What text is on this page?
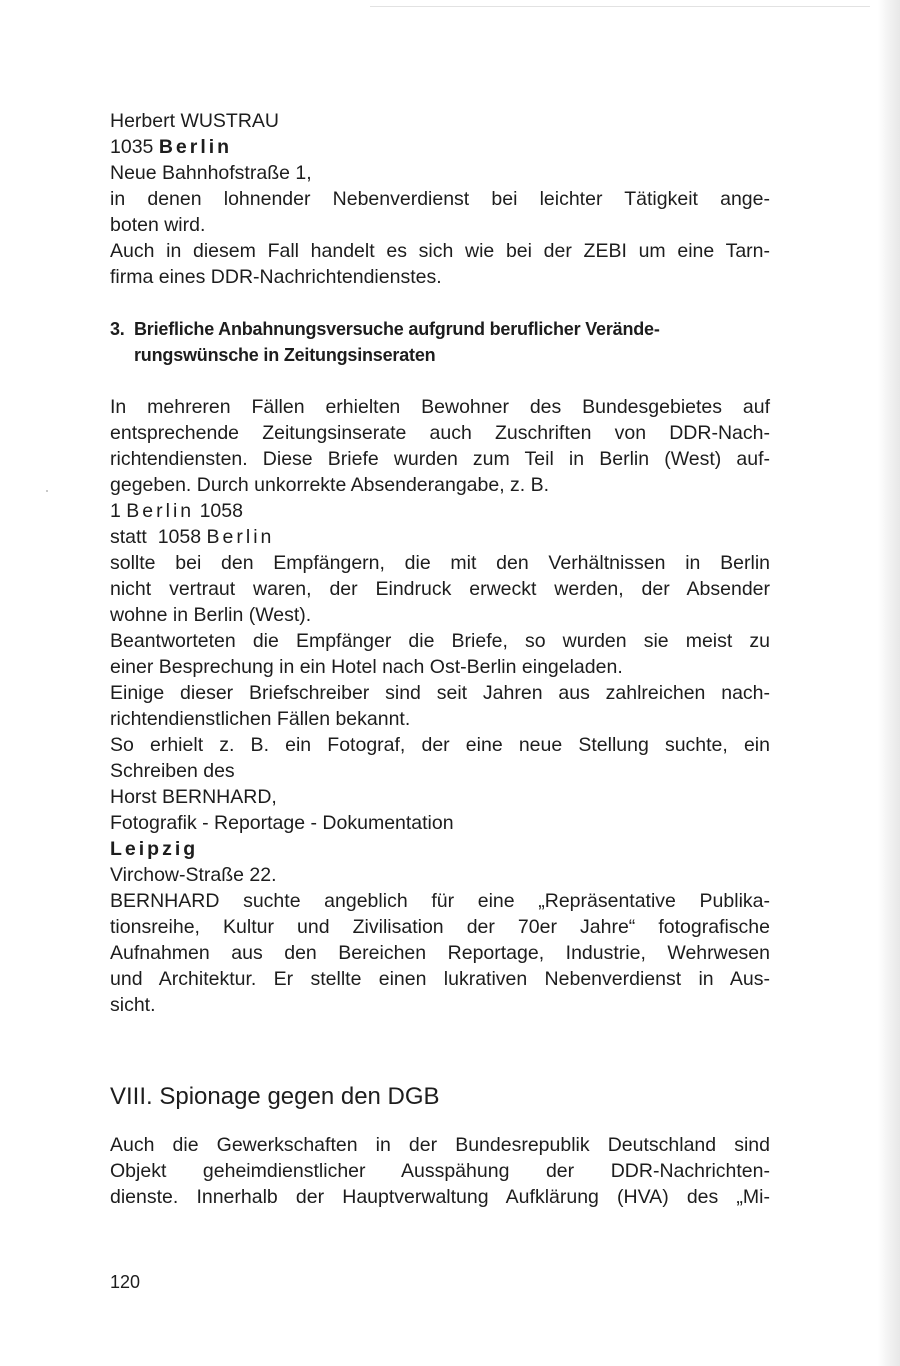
Herbert WUSTRAU
1035 Berlin
Neue Bahnhofstraße 1,
in denen lohnender Nebenverdienst bei leichter Tätigkeit ange-
boten wird.
Auch in diesem Fall handelt es sich wie bei der ZEBI um eine Tarn-
firma eines DDR-Nachrichtendienstes.
3. Briefliche Anbahnungsversuche aufgrund beruflicher Verände-
rungswünsche in Zeitungsinseraten
In mehreren Fällen erhielten Bewohner des Bundesgebietes auf
entsprechende Zeitungsinserate auch Zuschriften von DDR-Nach-
richtendiensten. Diese Briefe wurden zum Teil in Berlin (West) auf-
gegeben. Durch unkorrekte Absenderangabe, z. B.
1 Berlin 1058
statt 1058 Berlin
sollte bei den Empfängern, die mit den Verhältnissen in Berlin
nicht vertraut waren, der Eindruck erweckt werden, der Absender
wohne in Berlin (West).
Beantworteten die Empfänger die Briefe, so wurden sie meist zu
einer Besprechung in ein Hotel nach Ost-Berlin eingeladen.
Einige dieser Briefschreiber sind seit Jahren aus zahlreichen nach-
richtendienstlichen Fällen bekannt.
So erhielt z. B. ein Fotograf, der eine neue Stellung suchte, ein
Schreiben des
Horst BERNHARD,
Fotografik - Reportage - Dokumentation
Leipzig
Virchow-Straße 22.
BERNHARD suchte angeblich für eine „Repräsentative Publika-
tionsreihe, Kultur und Zivilisation der 70er Jahre“ fotografische
Aufnahmen aus den Bereichen Reportage, Industrie, Wehrwesen
und Architektur. Er stellte einen lukrativen Nebenverdienst in Aus-
sicht.
VIII. Spionage gegen den DGB
Auch die Gewerkschaften in der Bundesrepublik Deutschland sind
Objekt geheimdienstlicher Ausspähung der DDR-Nachrichten-
dienste. Innerhalb der Hauptverwaltung Aufklärung (HVA) des „Mi-
120
